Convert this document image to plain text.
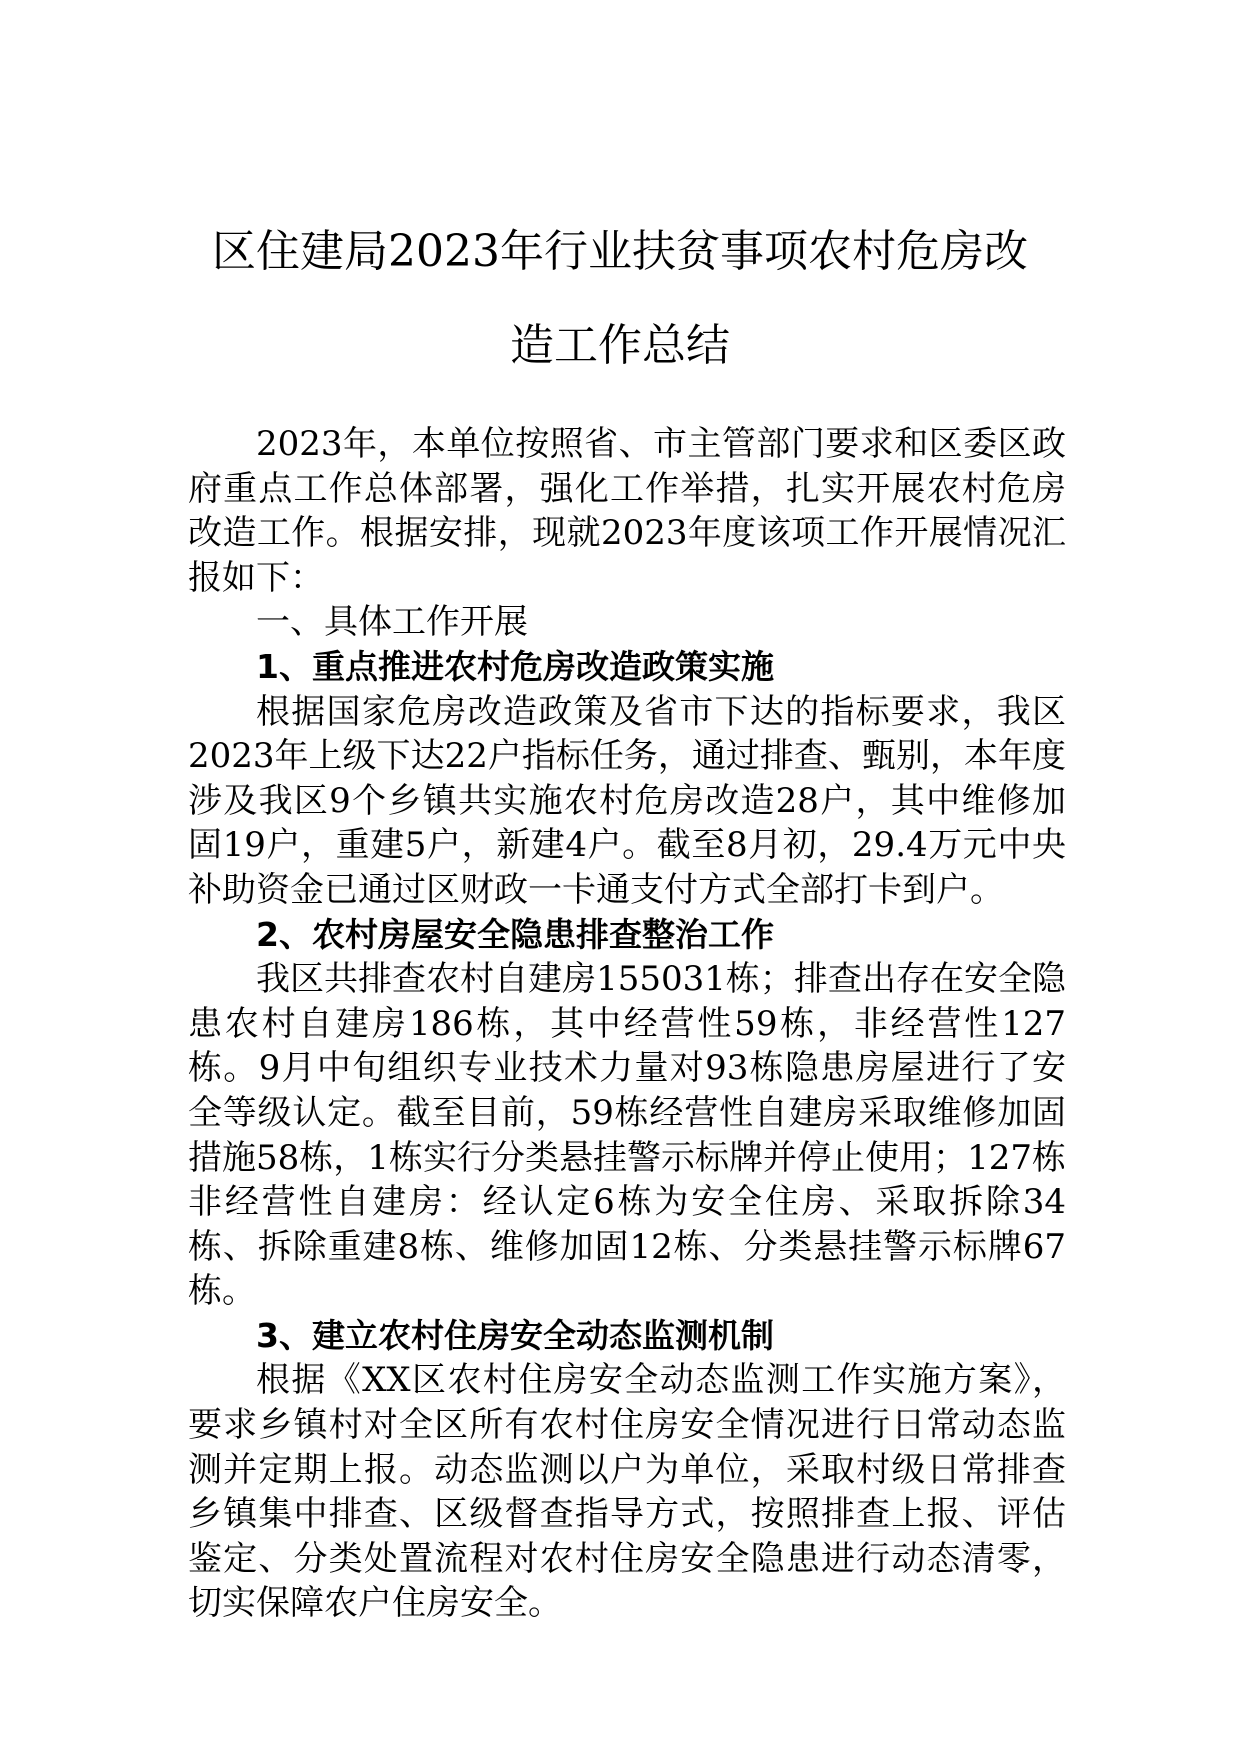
区住建局2023年行业扶贫事项农村危房改
造工作总结

2023年，本单位按照省、市主管部门要求和区委区政府重点工作总体部署，强化工作举措，扎实开展农村危房改造工作。根据安排，现就2023年度该项工作开展情况汇报如下：

一、具体工作开展

1、重点推进农村危房改造政策实施

根据国家危房改造政策及省市下达的指标要求，我区2023年上级下达22户指标任务，通过排查、甄别，本年度涉及我区9个乡镇共实施农村危房改造28户，其中维修加固19户，重建5户，新建4户。截至8月初，29.4万元中央补助资金已通过区财政一卡通支付方式全部打卡到户。

2、农村房屋安全隐患排查整治工作

我区共排查农村自建房155031栋；排查出存在安全隐患农村自建房186栋，其中经营性59栋，非经营性127栋。9月中旬组织专业技术力量对93栋隐患房屋进行了安全等级认定。截至目前，59栋经营性自建房采取维修加固措施58栋，1栋实行分类悬挂警示标牌并停止使用；127栋非经营性自建房：经认定6栋为安全住房、采取拆除34栋、拆除重建8栋、维修加固12栋、分类悬挂警示标牌67栋。

3、建立农村住房安全动态监测机制

根据《XX区农村住房安全动态监测工作实施方案》，要求乡镇村对全区所有农村住房安全情况进行日常动态监测并定期上报。动态监测以户为单位，采取村级日常排查乡镇集中排查、区级督查指导方式，按照排查上报、评估鉴定、分类处置流程对农村住房安全隐患进行动态清零，切实保障农户住房安全。
